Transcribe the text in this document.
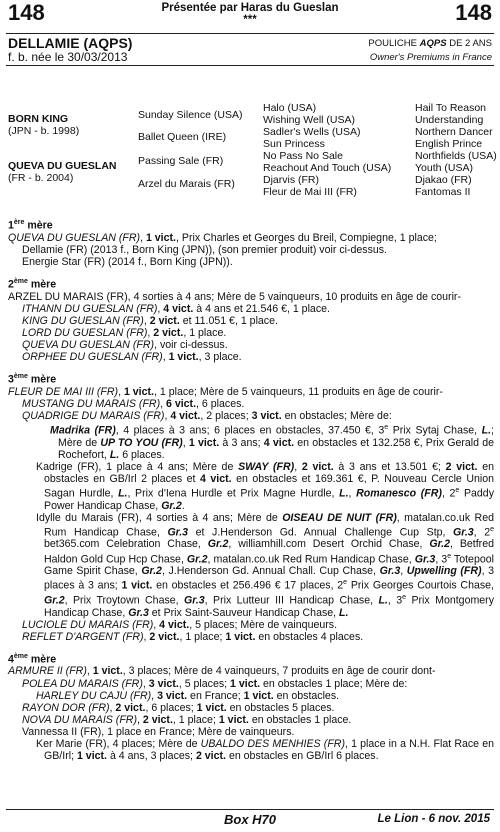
148	148
Présentée par Haras du Gueslan
***
DELLAMIE (AQPS)
f. b. née le 30/03/2013
POULICHE AQPS DE 2 ANS
Owner's Premiums in France
BORN KING
(JPN - b. 1998)
QUEVA DU GUESLAN
(FR - b. 2004)
Sunday Silence (USA)
Ballet Queen (IRE)
Passing Sale (FR)
Arzel du Marais (FR)
Halo (USA)
Wishing Well (USA)
Sadler's Wells (USA)
Sun Princess
No Pass No Sale
Reachout And Touch (USA)
Djarvis (FR)
Fleur de Mai III (FR)
Hail To Reason
Understanding
Northern Dancer
English Prince
Northfields (USA)
Youth (USA)
Djakao (FR)
Fantomas II

1ère mère

QUEVA DU GUESLAN (FR), 1 vict., Prix Charles et Georges du Breil, Compiegne, 1 place;

Dellamie (FR) (2013 f., Born King (JPN)), (son premier produit) voir ci-dessus.

Energie Star (FR) (2014 f., Born King (JPN)).

2ème mère

ARZEL DU MARAIS (FR), 4 sorties à 4 ans; Mère de 5 vainqueurs, 10 produits en âge de courir-

ITHANN DU GUESLAN (FR), 4 vict. à 4 ans et 21.546 €, 1 place.

KING DU GUESLAN (FR), 2 vict. et 11.051 €, 1 place.

LORD DU GUESLAN (FR), 2 vict., 1 place.

QUEVA DU GUESLAN (FR), voir ci-dessus.

ORPHEE DU GUESLAN (FR), 1 vict., 3 place.

3ème mère

FLEUR DE MAI III (FR), 1 vict., 1 place; Mère de 5 vainqueurs, 11 produits en âge de courir-

MUSTANG DU MARAIS (FR), 6 vict., 6 places.

QUADRIGE DU MARAIS (FR), 4 vict., 2 places; 3 vict. en obstacles; Mère de:

Madrika (FR), 4 places à 3 ans; 6 places en obstacles, 37.450 €, 3e Prix Sytaj Chase, L.; Mère de UP TO YOU (FR), 1 vict. à 3 ans; 4 vict. en obstacles et 132.258 €, Prix Gerald de Rochefort, L. 6 places.

Kadrige (FR), 1 place à 4 ans; Mère de SWAY (FR), 2 vict. à 3 ans et 13.501 €; 2 vict. en obstacles en GB/Irl 2 places et 4 vict. en obstacles et 169.361 €, P. Nouveau Cercle Union Sagan Hurdle, L., Prix d'Iena Hurdle et Prix Magne Hurdle, L., Romanesco (FR), 2e Paddy Power Handicap Chase, Gr.2.

Idylle du Marais (FR), 4 sorties à 4 ans; Mère de OISEAU DE NUIT (FR), matalan.co.uk Red Rum Handicap Chase, Gr.3 et J.Henderson Gd. Annual Challenge Cup Stp, Gr.3, 2e bet365.com Celebration Chase, Gr.2, williamhill.com Desert Orchid Chase, Gr.2, Betfred Haldon Gold Cup Hcp Chase, Gr.2, matalan.co.uk Red Rum Handicap Chase, Gr.3, 3e Totepool Game Spirit Chase, Gr.2, J.Henderson Gd. Annual Chall. Cup Chase, Gr.3, Upwelling (FR), 3 places à 3 ans; 1 vict. en obstacles et 256.496 € 17 places, 2e Prix Georges Courtois Chase, Gr.2, Prix Troytown Chase, Gr.3, Prix Lutteur III Handicap Chase, L., 3e Prix Montgomery Handicap Chase, Gr.3 et Prix Saint-Sauveur Handicap Chase, L.

LUCIOLE DU MARAIS (FR), 4 vict., 5 places; Mère de vainqueurs.

REFLET D'ARGENT (FR), 2 vict., 1 place; 1 vict. en obstacles 4 places.

4ème mère

ARMURE II (FR), 1 vict., 3 places; Mère de 4 vainqueurs, 7 produits en âge de courir dont-

POLEA DU MARAIS (FR), 3 vict., 5 places; 1 vict. en obstacles 1 place; Mère de:

HARLEY DU CAJU (FR), 3 vict. en France; 1 vict. en obstacles.

RAYON DOR (FR), 2 vict., 6 places; 1 vict. en obstacles 5 places.

NOVA DU MARAIS (FR), 2 vict., 1 place; 1 vict. en obstacles 1 place.

Vannessa II (FR), 1 place en France; Mère de vainqueurs.

Ker Marie (FR), 4 places; Mère de UBALDO DES MENHIES (FR), 1 place in a N.H. Flat Race en GB/Irl; 1 vict. à 4 ans, 3 places; 2 vict. en obstacles en GB/Irl 6 places.

Box H70	Le Lion - 6 nov. 2015
